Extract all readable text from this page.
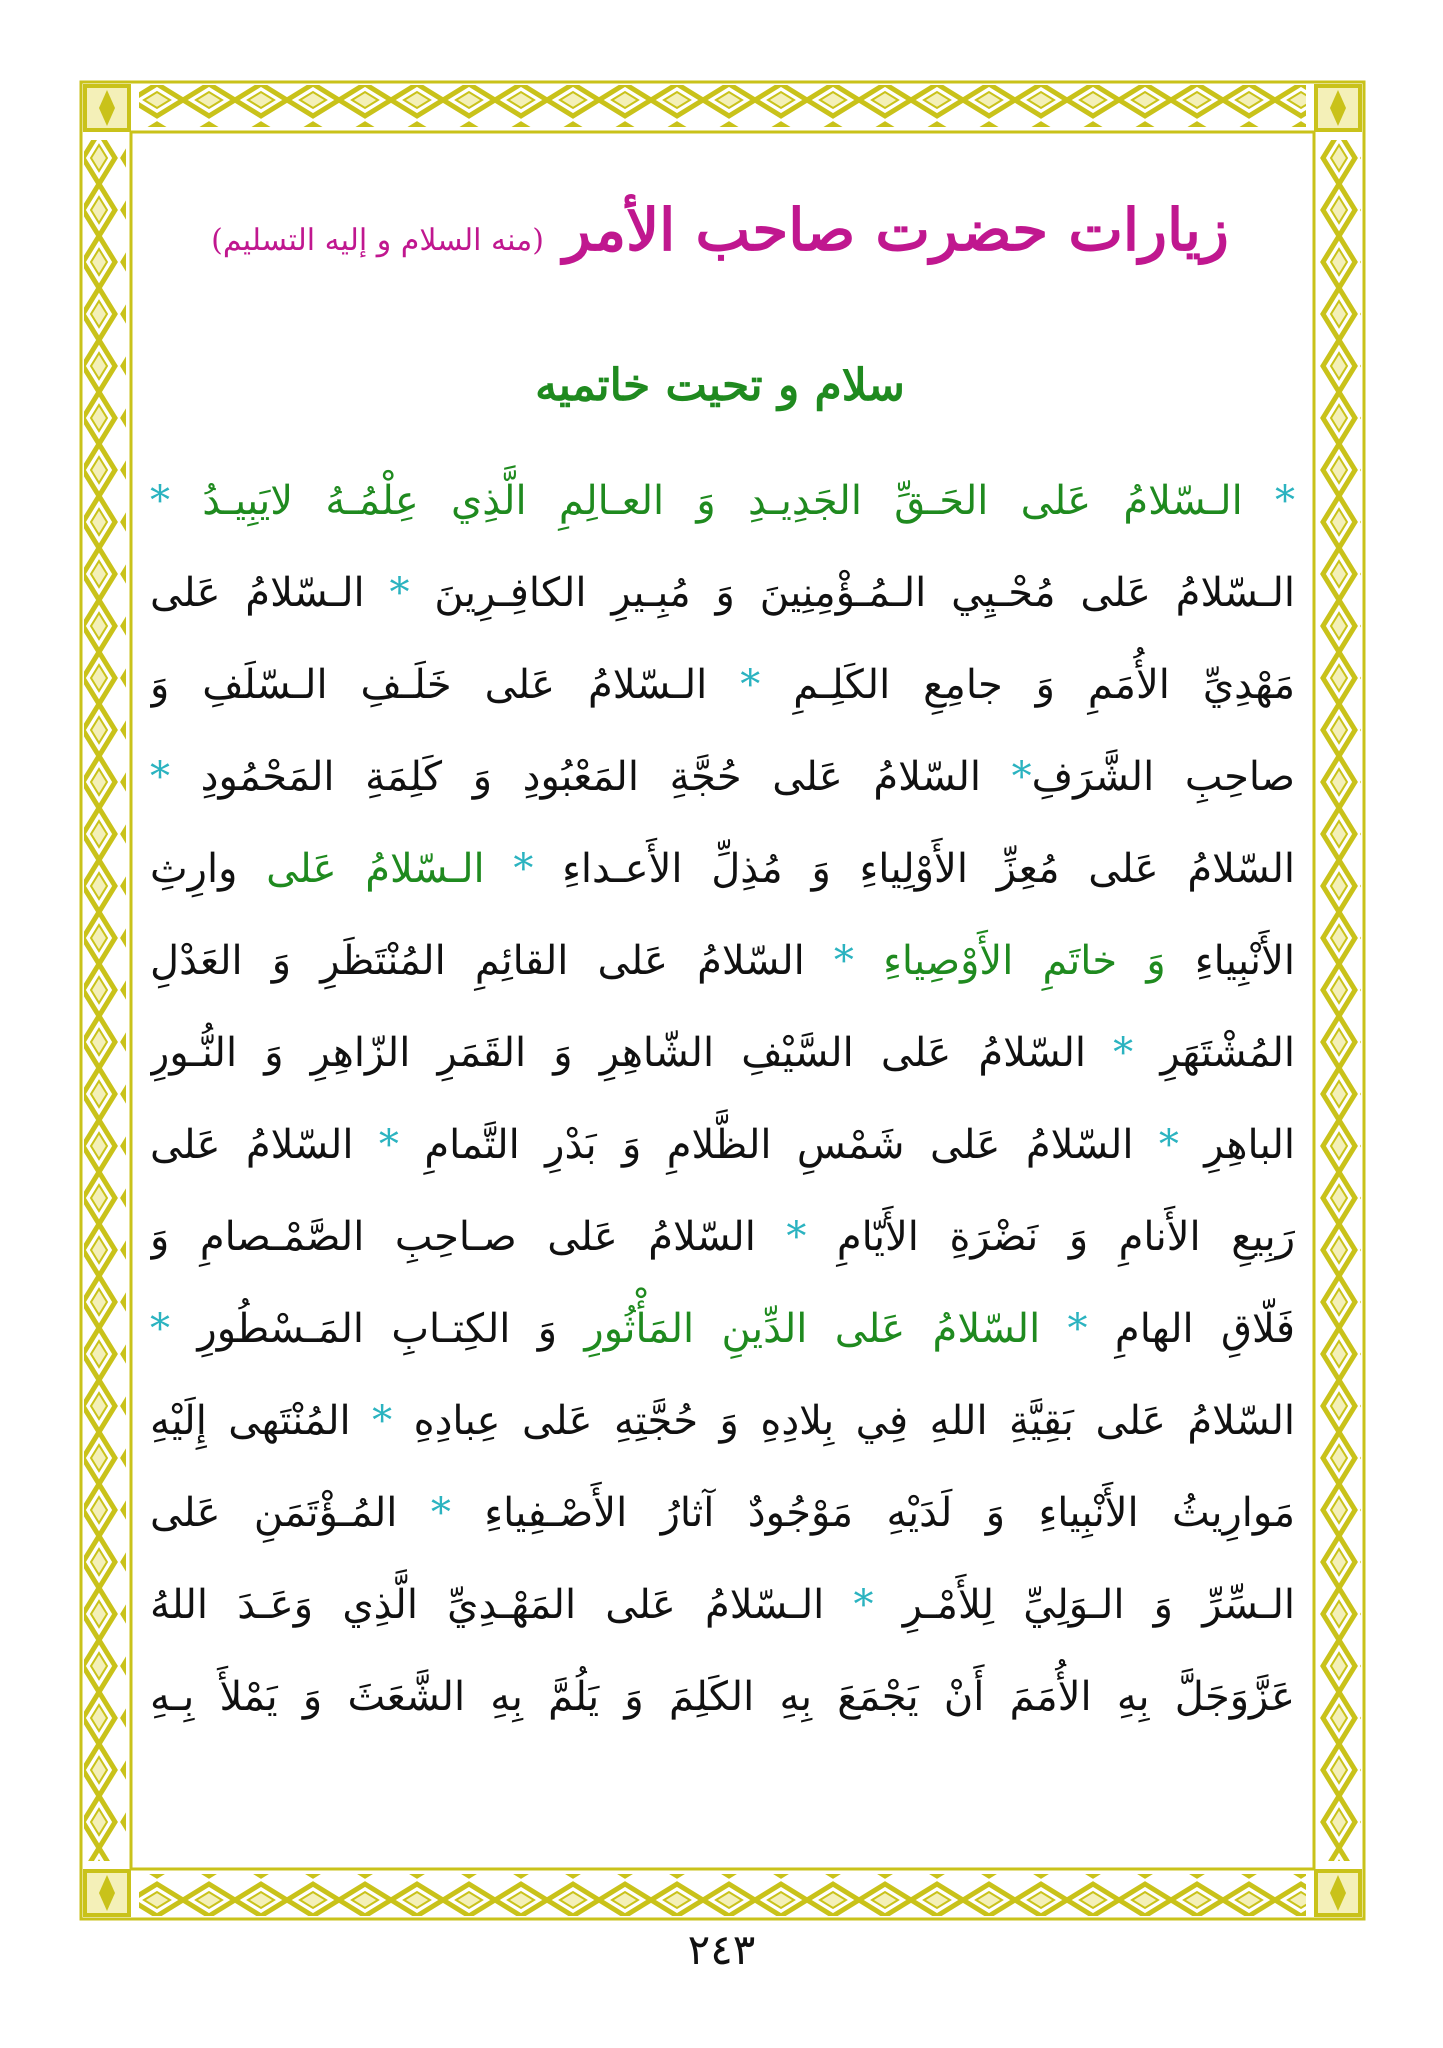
زیارات حضرت صاحب الأمر (منه السلام و إلیه التسلیم)
سلام و تحیت خاتمیه
* الـسّلامُ عَلى الحَـقِّ الجَدِيـدِ وَ العـالِمِ الَّذِي عِلْمُـهُ لايَبِيـدُ *
الـسّلامُ عَلى مُحْـيِي الـمُـؤْمِنِينَ وَ مُبِـيرِ الكافِـرِينَ * الـسّلامُ عَلى
مَهْدِيِّ الأُمَمِ وَ جامِعِ الكَلِـمِ * الـسّلامُ عَلى خَلَـفِ الـسّلَفِ وَ
صاحِبِ الشَّرَفِ* السّلامُ عَلى حُجَّةِ المَعْبُودِ وَ كَلِمَةِ المَحْمُودِ *
السّلامُ عَلى مُعِزِّ الأَوْلِياءِ وَ مُذِلِّ الأَعـداءِ * الـسّلامُ عَلى وارِثِ
الأَنْبِياءِ وَ خاتَمِ الأَوْصِياءِ * السّلامُ عَلى القائِمِ المُنْتَظَرِ وَ العَدْلِ
المُشْتَهَرِ * السّلامُ عَلى السَّيْفِ الشّاهِرِ وَ القَمَرِ الزّاهِرِ وَ النُّـورِ
الباهِرِ * السّلامُ عَلى شَمْسِ الظَّلامِ وَ بَدْرِ التَّمامِ * السّلامُ عَلى
رَبِيعِ الأَنامِ وَ نَضْرَةِ الأَيّامِ * السّلامُ عَلى صـاحِبِ الصَّمْـصامِ وَ
فَلّاقِ الهامِ * السّلامُ عَلى الدِّينِ المَأْثُورِ وَ الكِتـابِ المَـسْطُورِ *
السّلامُ عَلى بَقِيَّةِ اللهِ فِي بِلادِهِ وَ حُجَّتِهِ عَلى عِبادِهِ * المُنْتَهى إِلَيْهِ
مَوارِيثُ الأَنْبِياءِ وَ لَدَيْهِ مَوْجُودٌ آثارُ الأَصْـفِياءِ * المُـؤْتَمَنِ عَلى
الـسِّرِّ وَ الـوَلِيِّ لِلأَمْـرِ * الـسّلامُ عَلى المَهْـدِيِّ الَّذِي وَعَـدَ اللهُ
عَزَّوَجَلَّ بِهِ الأُمَمَ أَنْ يَجْمَعَ بِهِ الكَلِمَ وَ يَلُمَّ بِهِ الشَّعَثَ وَ يَمْلأَ بِـهِ
٢٤٣
